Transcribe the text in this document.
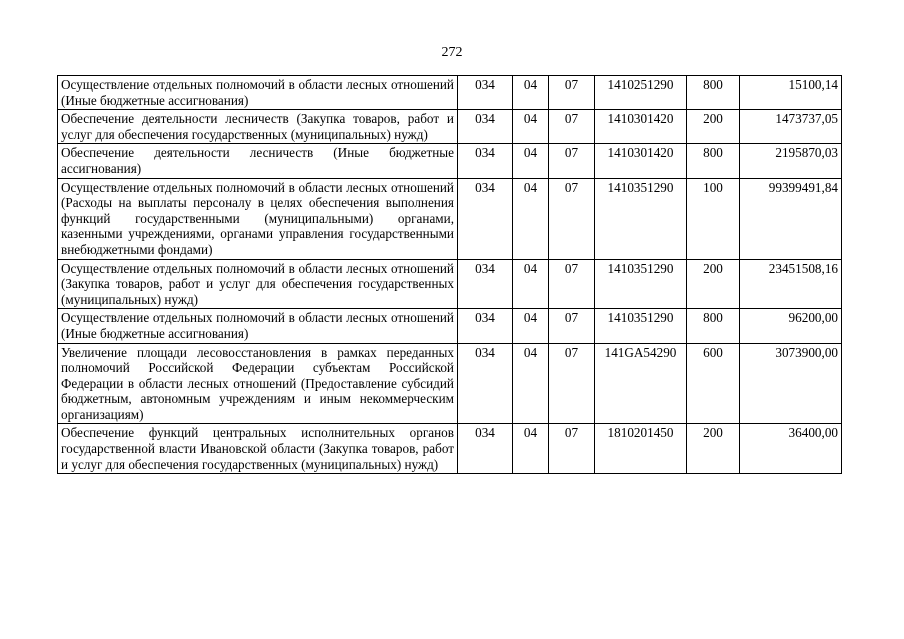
272
Осуществление отдельных полномочий в области лесных отношений (Иные бюджетные ассигнования)	034	04	07	1410251290	800	15100,14
Обеспечение деятельности лесничеств (Закупка товаров, работ и услуг для обеспечения государственных (муниципальных) нужд)	034	04	07	1410301420	200	1473737,05
Обеспечение деятельности лесничеств (Иные бюджетные ассигнования)	034	04	07	1410301420	800	2195870,03
Осуществление отдельных полномочий в области лесных отношений (Расходы на выплаты персоналу в целях обеспечения выполнения функций государственными (муниципальными) органами, казенными учреждениями, органами управления государственными внебюджетными фондами)	034	04	07	1410351290	100	99399491,84
Осуществление отдельных полномочий в области лесных отношений (Закупка товаров, работ и услуг для обеспечения государственных (муниципальных) нужд)	034	04	07	1410351290	200	23451508,16
Осуществление отдельных полномочий в области лесных отношений (Иные бюджетные ассигнования)	034	04	07	1410351290	800	96200,00
Увеличение площади лесовосстановления в рамках переданных полномочий Российской Федерации субъектам Российской Федерации в области лесных отношений (Предоставление субсидий бюджетным, автономным учреждениям и иным некоммерческим организациям)	034	04	07	141GA54290	600	3073900,00
Обеспечение функций центральных исполнительных органов государственной власти Ивановской области (Закупка товаров, работ и услуг для обеспечения государственных (муниципальных) нужд)	034	04	07	1810201450	200	36400,00
